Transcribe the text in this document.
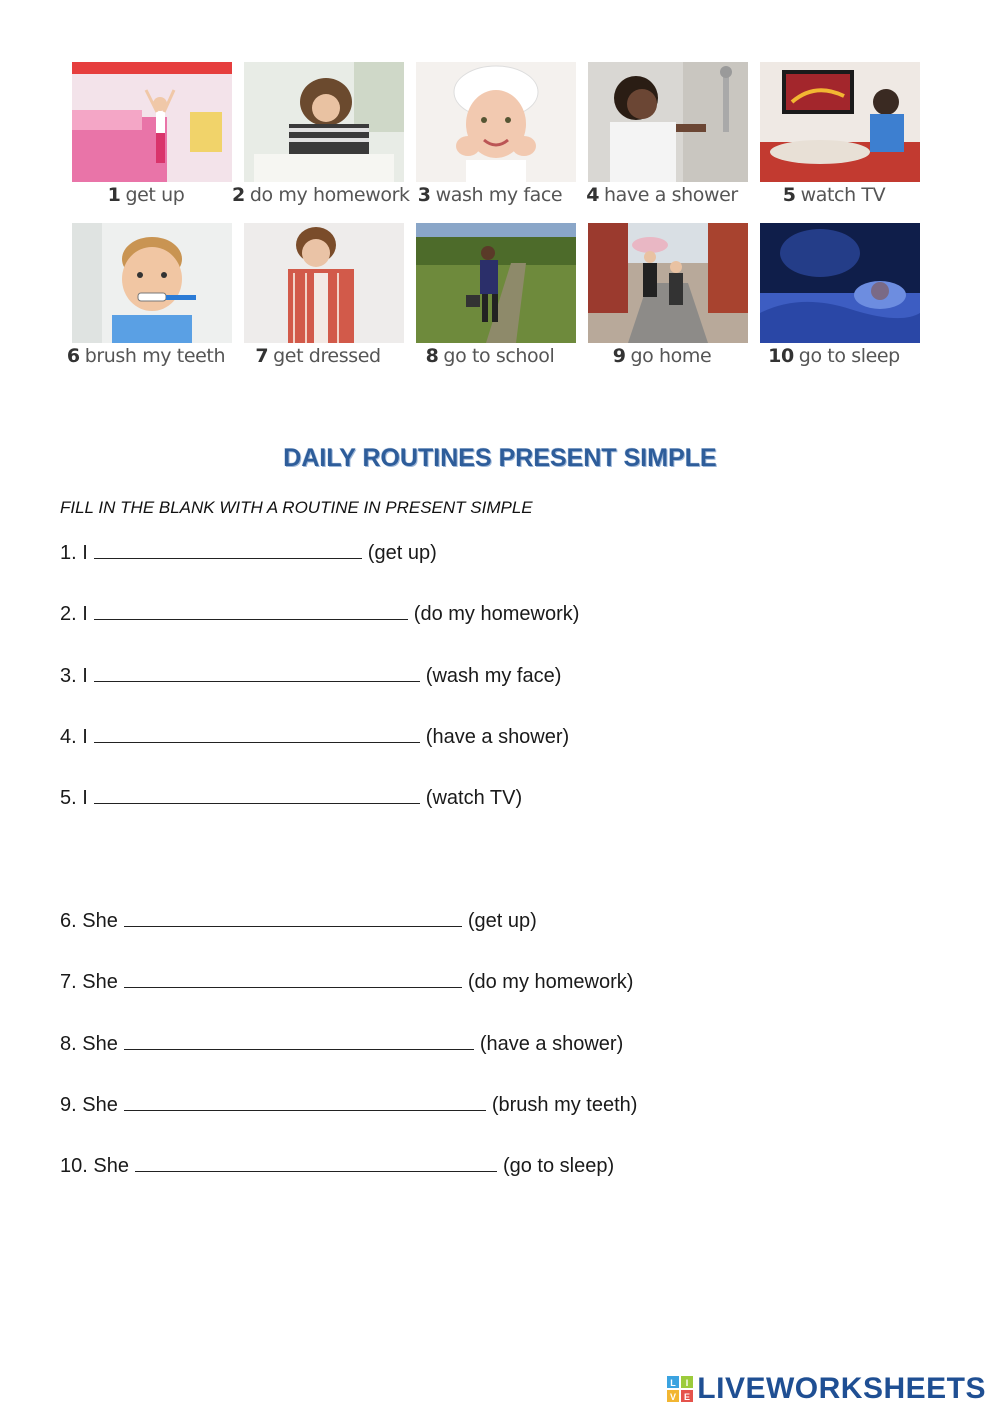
1 get up	2 do my homework 3 wash my face	4 have a shower	5 watch TV
6 brush my teeth	7 get dressed	8 go to school	9 go home	10 go to sleep
DAILY ROUTINES PRESENT SIMPLE
FILL IN THE BLANK WITH A ROUTINE IN PRESENT SIMPLE
1. I	(get up)
2. I	(do my homework)
3. I	(wash my face)
4. I	(have a shower)
5. I	(watch TV)
6. She	(get up)
7. She	(do my homework)
8. She	(have a shower)
9. She	(brush my teeth)
10. She	(go to sleep)
L I
V E LIVEWORKSHEETS
